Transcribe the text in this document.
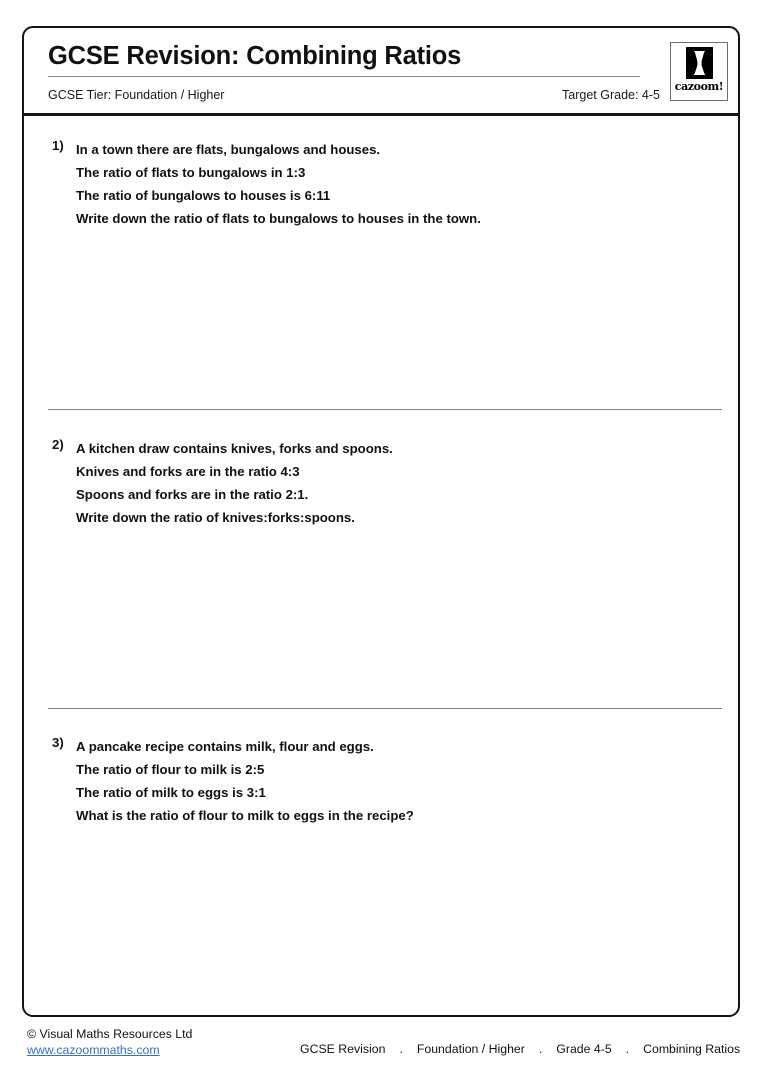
GCSE Revision: Combining Ratios
GCSE Tier: Foundation / Higher	Target Grade: 4-5
cazoom!
1) In a town there are flats, bungalows and houses.
The ratio of flats to bungalows in 1:3
The ratio of bungalows to houses is 6:11
Write down the ratio of flats to bungalows to houses in the town.
2) A kitchen draw contains knives, forks and spoons.
Knives and forks are in the ratio 4:3
Spoons and forks are in the ratio 2:1.
Write down the ratio of knives:forks:spoons.
3) A pancake recipe contains milk, flour and eggs.
The ratio of flour to milk is 2:5
The ratio of milk to eggs is 3:1
What is the ratio of flour to milk to eggs in the recipe?
© Visual Maths Resources Ltd
www.cazoommaths.com	GCSE Revision . Foundation / Higher . Grade 4-5 . Combining Ratios
